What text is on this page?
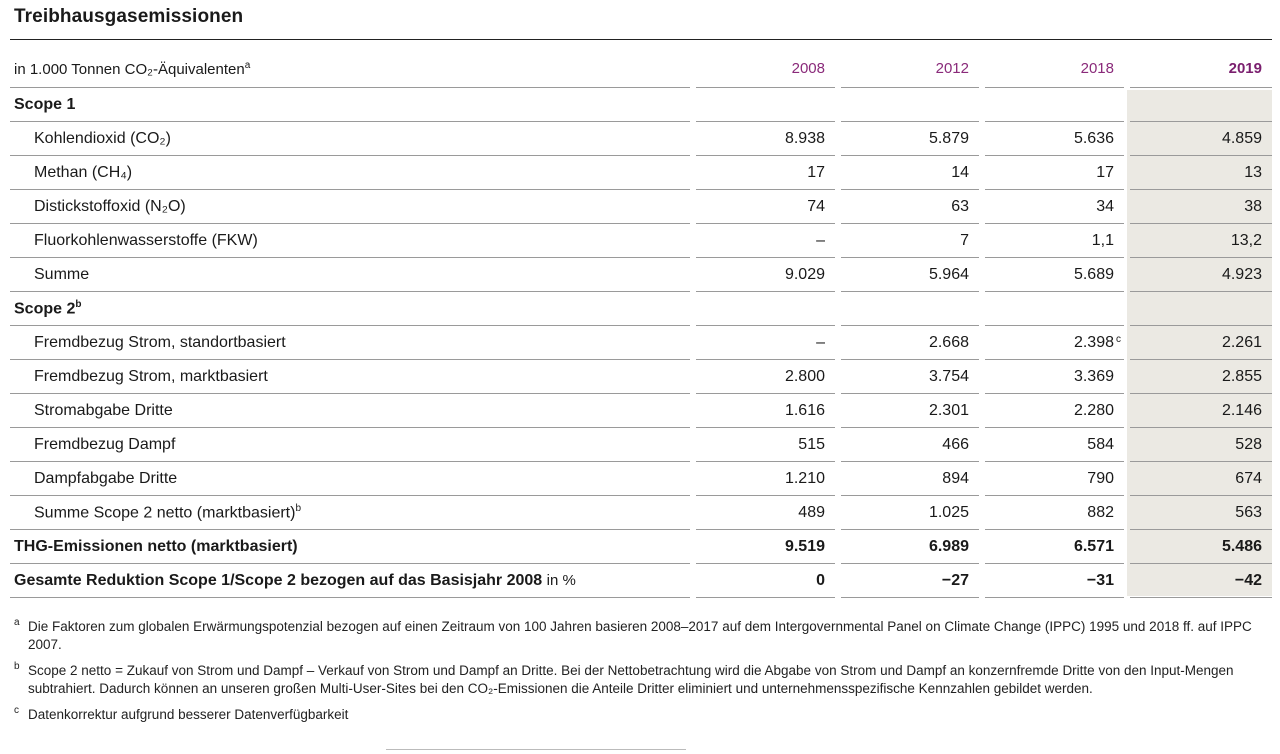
Treibhausgasemissionen
in 1.000 Tonnen CO₂-Äquivalenten$^a$	2008	2012	2018	2019
Scope 1				
Kohlendioxid (CO₂)	8.938	5.879	5.636	4.859
Methan (CH₄)	17	14	17	13
Distickstoffoxid (N₂O)	74	63	34	38
Fluorkohlenwasserstoffe (FKW)	–	7	1,1	13,2
Summe	9.029	5.964	5.689	4.923
Scope 2$^b$				
Fremdbezug Strom, standortbasiert	–	2.668	2.398 c	2.261
Fremdbezug Strom, marktbasiert	2.800	3.754	3.369	2.855
Stromabgabe Dritte	1.616	2.301	2.280	2.146
Fremdbezug Dampf	515	466	584	528
Dampfabgabe Dritte	1.210	894	790	674
Summe Scope 2 netto (marktbasiert)$^b$	489	1.025	882	563
THG-Emissionen netto (marktbasiert)	9.519	6.989	6.571	5.486
Gesamte Reduktion Scope 1/Scope 2 bezogen auf das Basisjahr 2008 in %	0	−27	−31	−42
a Die Faktoren zum globalen Erwärmungspotenzial bezogen auf einen Zeitraum von 100 Jahren basieren 2008–2017 auf dem Intergovernmental Panel on Climate Change (IPPC) 1995 und 2018 ff. auf IPPC 2007.
b Scope 2 netto = Zukauf von Strom und Dampf – Verkauf von Strom und Dampf an Dritte. Bei der Nettobetrachtung wird die Abgabe von Strom und Dampf an konzernfremde Dritte von den Input-Mengen subtrahiert. Dadurch können an unseren großen Multi-User-Sites bei den CO₂-Emissionen die Anteile Dritter eliminiert und unternehmensspezifische Kennzahlen gebildet werden.
c Datenkorrektur aufgrund besserer Datenverfügbarkeit
